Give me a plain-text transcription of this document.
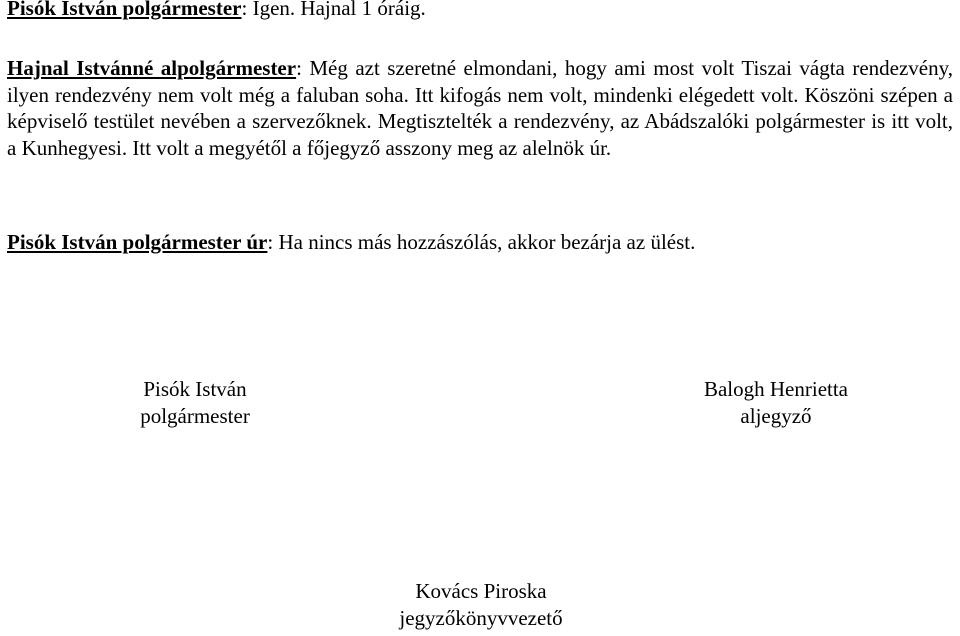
Pisók István polgármester: Igen. Hajnal 1 óráig.

Hajnal Istvánné alpolgármester: Még azt szeretné elmondani, hogy ami most volt Tiszai vágta rendezvény, ilyen rendezvény nem volt még a faluban soha. Itt kifogás nem volt, mindenki elégedett volt. Köszöni szépen a képviselő testület nevében a szervezőknek. Megtisztelték a rendezvény, az Abádszalóki polgármester is itt volt, a Kunhegyesi. Itt volt a megyétől a főjegyző asszony meg az alelnök úr.

Pisók István polgármester úr: Ha nincs más hozzászólás, akkor bezárja az ülést.

Pisók István
polgármester
Balogh Henrietta
aljegyző
Kovács Piroska
jegyzőkönyvvezető
